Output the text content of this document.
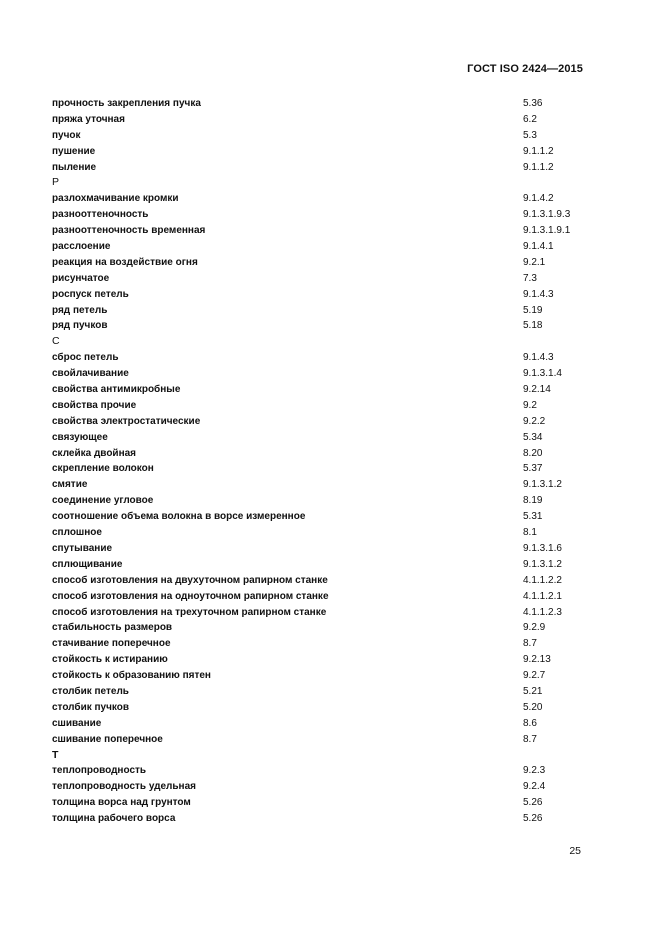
ГОСТ ISO 2424—2015
прочность закрепления пучка	5.36
пряжа уточная	6.2
пучок	5.3
пушение	9.1.1.2
пыление	9.1.1.2
Р
разлохмачивание кромки	9.1.4.2
разнооттеночность	9.1.3.1.9.3
разнооттеночность временная	9.1.3.1.9.1
расслоение	9.1.4.1
реакция на воздействие огня	9.2.1
рисунчатое	7.3
роспуск петель	9.1.4.3
ряд петель	5.19
ряд пучков	5.18
С
сброс петель	9.1.4.3
свойлачивание	9.1.3.1.4
свойства антимикробные	9.2.14
свойства прочие	9.2
свойства электростатические	9.2.2
связующее	5.34
склейка двойная	8.20
скрепление волокон	5.37
смятие	9.1.3.1.2
соединение угловое	8.19
соотношение объема волокна в ворсе измеренное	5.31
сплошное	8.1
спутывание	9.1.3.1.6
сплющивание	9.1.3.1.2
способ изготовления на двухуточном рапирном станке	4.1.1.2.2
способ изготовления на одноуточном рапирном станке	4.1.1.2.1
способ изготовления на трехуточном рапирном станке	4.1.1.2.3
стабильность размеров	9.2.9
стачивание поперечное	8.7
стойкость к истиранию	9.2.13
стойкость к образованию пятен	9.2.7
столбик петель	5.21
столбик пучков	5.20
сшивание	8.6
сшивание поперечное	8.7
Т
теплопроводность	9.2.3
теплопроводность удельная	9.2.4
толщина ворса над грунтом	5.26
толщина рабочего ворса	5.26
25
